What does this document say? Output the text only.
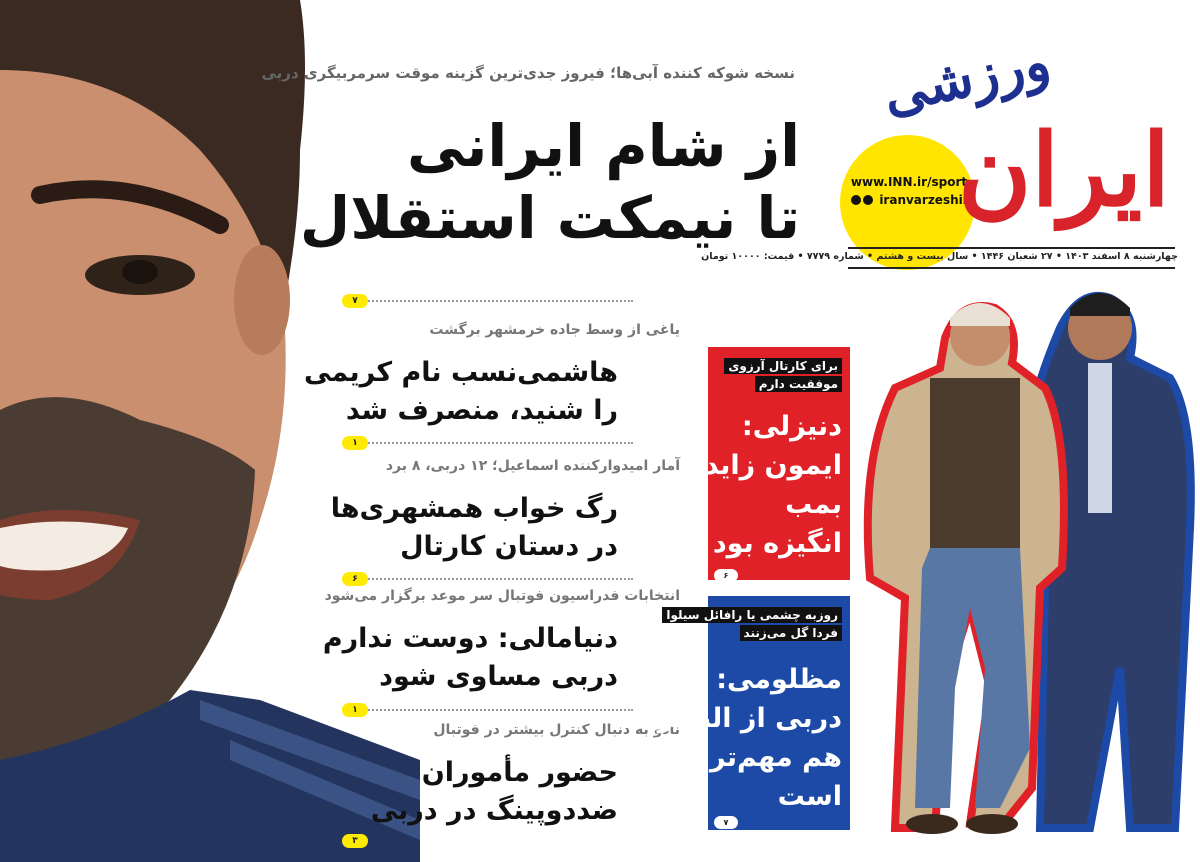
نسخه شوکه کننده آبی‌ها؛ فیروز جدی‌ترین گزینه موقت سرمربیگری دربی
از شام ایرانی
تا نیمکت استقلال
۷
یاغی از وسط جاده خرمشهر برگشت
هاشمی‌نسب نام کریمی
را شنید، منصرف شد
۱
آمار امیدوارکننده اسماعیل؛ ۱۲ دربی، ۸ برد
رگ خواب همشهری‌ها
در دستان کارتال
۶
انتخابات فدراسیون فوتبال سر موعد برگزار می‌شود
دنیامالی: دوست ندارم
دربی مساوی شود
۱
نادو به دنبال کنترل بیشتر در فوتبال
حضور مأموران
ضددوپینگ در دربی
۳
www.INN.ir/sport
iranvarzeshii
ورزشی
ایران
چهارشنبه ۸ اسفند ۱۴۰۳ • ۲۷ شعبان ۱۴۴۶ • سال بیست و هشتم • شماره ۷۷۷۹ • قیمت: ۱۰۰۰۰ تومان
برای کارتال آرزوی
موفقیت دارم
دنیزلی:
ایمون زاید
بمب
انگیزه بود
۶
روزبه چشمی یا رافائل سیلوا
فردا گل می‌زنند
مظلومی:
دربی از النصر
هم مهم‌تر
است
۷
